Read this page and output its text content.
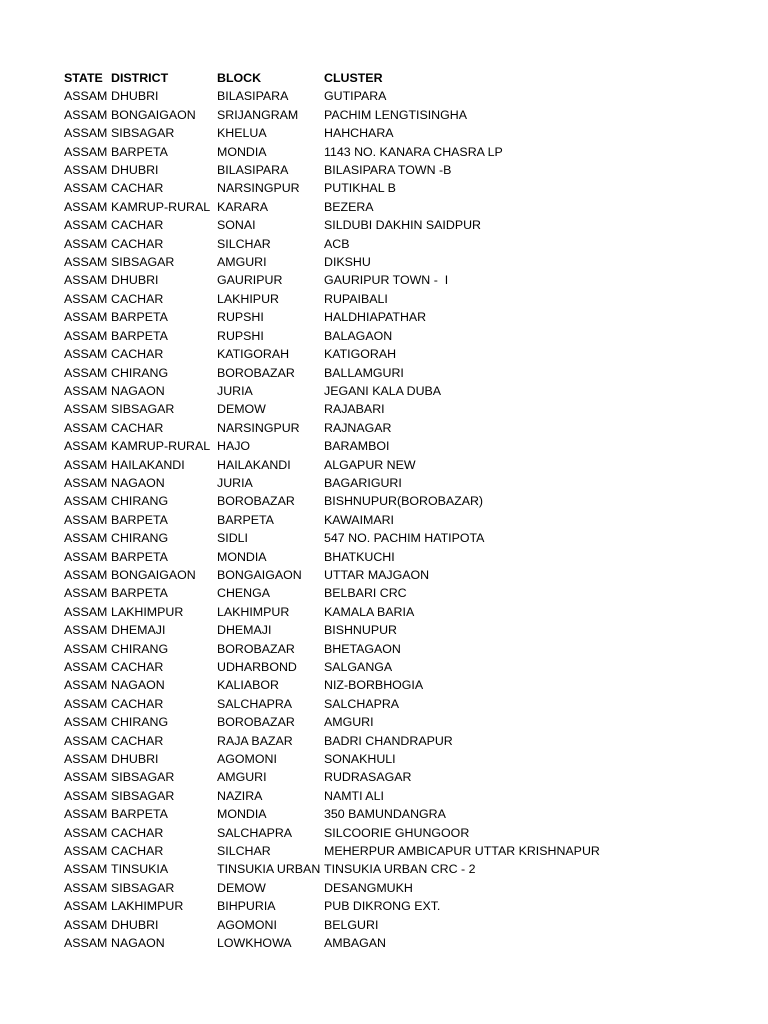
STATE	DISTRICT	BLOCK	CLUSTER
ASSAM	DHUBRI	BILASIPARA	GUTIPARA
ASSAM	BONGAIGAON	SRIJANGRAM	PACHIM LENGTISINGHA
ASSAM	SIBSAGAR	KHELUA	HAHCHARA
ASSAM	BARPETA	MONDIA	1143 NO. KANARA CHASRA LP
ASSAM	DHUBRI	BILASIPARA	BILASIPARA TOWN -B
ASSAM	CACHAR	NARSINGPUR	PUTIKHAL B
ASSAM	KAMRUP-RURAL	KARARA	BEZERA
ASSAM	CACHAR	SONAI	SILDUBI DAKHIN SAIDPUR
ASSAM	CACHAR	SILCHAR	ACB
ASSAM	SIBSAGAR	AMGURI	DIKSHU
ASSAM	DHUBRI	GAURIPUR	GAURIPUR TOWN -  I
ASSAM	CACHAR	LAKHIPUR	RUPAIBALI
ASSAM	BARPETA	RUPSHI	HALDHIAPATHAR
ASSAM	BARPETA	RUPSHI	BALAGAON
ASSAM	CACHAR	KATIGORAH	KATIGORAH
ASSAM	CHIRANG	BOROBAZAR	BALLAMGURI
ASSAM	NAGAON	JURIA	JEGANI KALA DUBA
ASSAM	SIBSAGAR	DEMOW	RAJABARI
ASSAM	CACHAR	NARSINGPUR	RAJNAGAR
ASSAM	KAMRUP-RURAL	HAJO	BARAMBOI
ASSAM	HAILAKANDI	HAILAKANDI	ALGAPUR NEW
ASSAM	NAGAON	JURIA	BAGARIGURI
ASSAM	CHIRANG	BOROBAZAR	BISHNUPUR(BOROBAZAR)
ASSAM	BARPETA	BARPETA	KAWAIMARI
ASSAM	CHIRANG	SIDLI	547 NO. PACHIM HATIPOTA
ASSAM	BARPETA	MONDIA	BHATKUCHI
ASSAM	BONGAIGAON	BONGAIGAON	UTTAR MAJGAON
ASSAM	BARPETA	CHENGA	BELBARI CRC
ASSAM	LAKHIMPUR	LAKHIMPUR	KAMALA BARIA
ASSAM	DHEMAJI	DHEMAJI	BISHNUPUR
ASSAM	CHIRANG	BOROBAZAR	BHETAGAON
ASSAM	CACHAR	UDHARBOND	SALGANGA
ASSAM	NAGAON	KALIABOR	NIZ-BORBHOGIA
ASSAM	CACHAR	SALCHAPRA	SALCHAPRA
ASSAM	CHIRANG	BOROBAZAR	AMGURI
ASSAM	CACHAR	RAJA BAZAR	BADRI CHANDRAPUR
ASSAM	DHUBRI	AGOMONI	SONAKHULI
ASSAM	SIBSAGAR	AMGURI	RUDRASAGAR
ASSAM	SIBSAGAR	NAZIRA	NAMTI ALI
ASSAM	BARPETA	MONDIA	350 BAMUNDANGRA
ASSAM	CACHAR	SALCHAPRA	SILCOORIE GHUNGOOR
ASSAM	CACHAR	SILCHAR	MEHERPUR AMBICAPUR UTTAR KRISHNAPUR
ASSAM	TINSUKIA	TINSUKIA URBAN	TINSUKIA URBAN CRC - 2
ASSAM	SIBSAGAR	DEMOW	DESANGMUKH
ASSAM	LAKHIMPUR	BIHPURIA	PUB DIKRONG EXT.
ASSAM	DHUBRI	AGOMONI	BELGURI
ASSAM	NAGAON	LOWKHOWA	AMBAGAN
